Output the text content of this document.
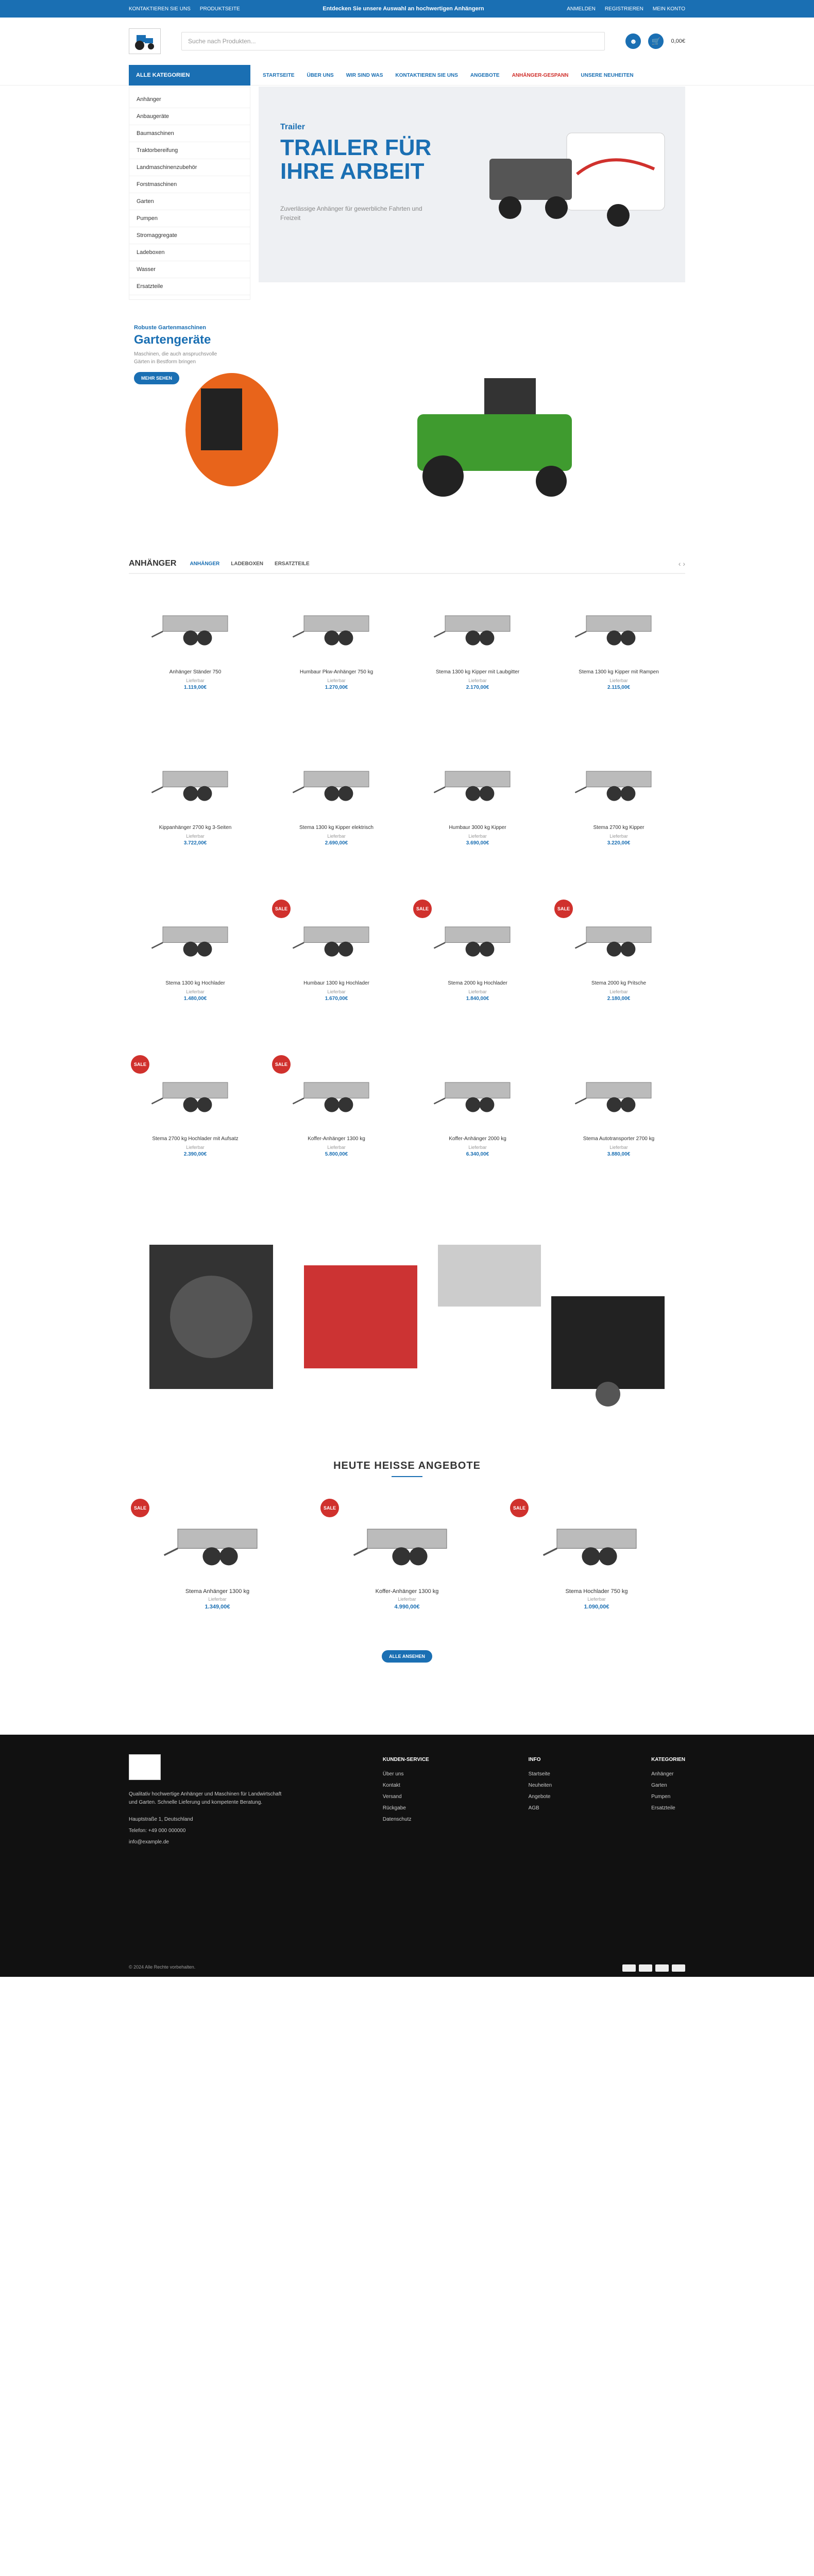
KONTAKTIEREN SIE UNS PRODUKTSEITE	Entdecken Sie unsere Auswahl an hochwertigen Anhängern	ANMELDEN REGISTRIEREN MEIN KONTO
Suche nach Produkten...	☻	🛒	0,00€
ALLE KATEGORIEN	STARTSEITE ÜBER UNS WIR SIND WAS KONTAKTIEREN SIE UNS ANGEBOTE ANHÄNGER-GESPANN UNSERE NEUHEITEN
Anhänger
Anbaugeräte
Baumaschinen
Traktorbereifung
Landmaschinenzubehör
Forstmaschinen
Garten
Pumpen
Stromaggregate
Ladeboxen
Wasser
Ersatzteile
Trailer
TRAILER FÜR IHRE ARBEIT

Zuverlässige Anhänger für gewerbliche Fahrten und Freizeit

Robuste Gartenmaschinen
Gartengeräte

Maschinen, die auch anspruchsvolle Gärten in Bestform bringen

MEHR SEHEN
ANHÄNGER	ANHÄNGER LADEBOXEN ERSATZTEILE	‹ ›
Anhänger Ständer 750
Lieferbar
1.119,00€
Humbaur Pkw-Anhänger 750 kg
Lieferbar
1.270,00€
Stema 1300 kg Kipper mit Laubgitter
Lieferbar
2.170,00€
Stema 1300 kg Kipper mit Rampen
Lieferbar
2.115,00€
Kippanhänger 2700 kg 3-Seiten
Lieferbar
3.722,00€
Stema 1300 kg Kipper elektrisch
Lieferbar
2.690,00€
Humbaur 3000 kg Kipper
Lieferbar
3.690,00€
Stema 2700 kg Kipper
Lieferbar
3.220,00€
Stema 1300 kg Hochlader
Lieferbar
1.480,00€
SALE
Humbaur 1300 kg Hochlader
Lieferbar
1.670,00€
SALE
Stema 2000 kg Hochlader
Lieferbar
1.840,00€
SALE
Stema 2000 kg Pritsche
Lieferbar
2.180,00€
SALE
Stema 2700 kg Hochlader mit Aufsatz
Lieferbar
2.390,00€
SALE
Koffer-Anhänger 1300 kg
Lieferbar
5.800,00€
Koffer-Anhänger 2000 kg
Lieferbar
6.340,00€
Stema Autotransporter 2700 kg
Lieferbar
3.880,00€
HEUTE HEISSE ANGEBOTE
SALE
Stema Anhänger 1300 kg
Lieferbar
1.349,00€
SALE
Koffer-Anhänger 1300 kg
Lieferbar
4.990,00€
SALE
Stema Hochlader 750 kg
Lieferbar
1.090,00€
ALLE ANSEHEN

Qualitativ hochwertige Anhänger und Maschinen für Landwirtschaft und Garten. Schnelle Lieferung und kompetente Beratung.

Hauptstraße 1, Deutschland
Telefon: +49 000 000000
info@example.de
KUNDEN-SERVICE
Über uns
Kontakt
Versand
Rückgabe
Datenschutz
INFO
Startseite
Neuheiten
Angebote
AGB
KATEGORIEN
Anhänger
Garten
Pumpen
Ersatzteile
© 2024 Alle Rechte vorbehalten.
